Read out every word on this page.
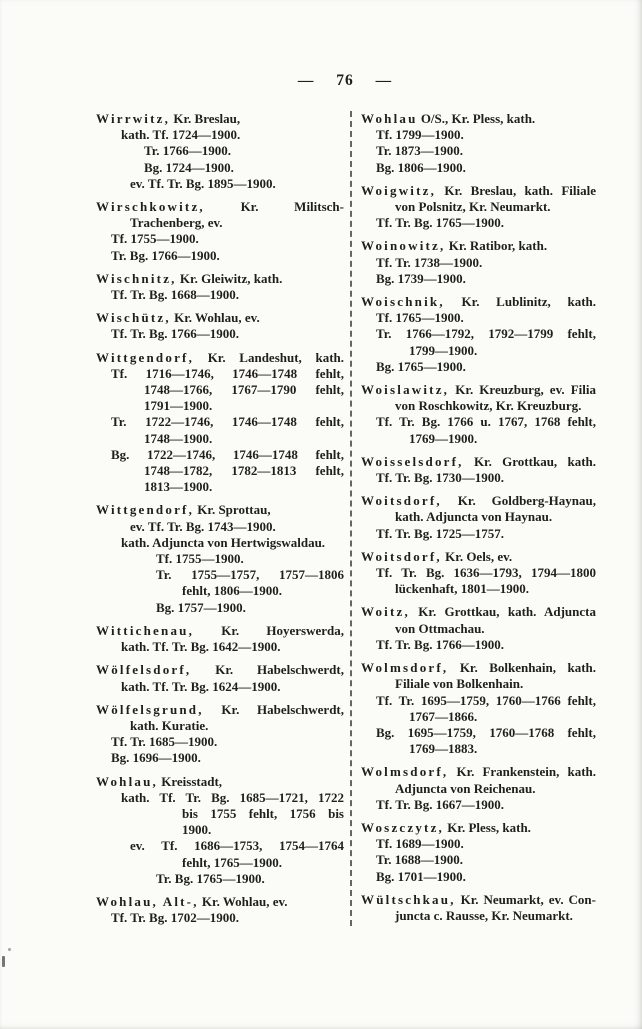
— 76 —
Wirrwitz, Kr. Breslau,
kath. Tf. 1724—1900.
Tr. 1766—1900.
Bg. 1724—1900.
ev. Tf. Tr. Bg. 1895—1900.
Wirschkowitz,	Kr. Militsch-
Trachenberg, ev.
Tf. 1755—1900.
Tr. Bg. 1766—1900.
Wischnitz, Kr. Gleiwitz, kath.
Tf. Tr. Bg. 1668—1900.
Wischütz, Kr. Wohlau, ev.
Tf. Tr. Bg. 1766—1900.
Wittgendorf, Kr. Landeshut, kath.
Tf. 1716—1746, 1746—1748 fehlt,
1748—1766, 1767—1790 fehlt,
1791—1900.
Tr. 1722—1746, 1746—1748 fehlt,
1748—1900.
Bg. 1722—1746, 1746—1748 fehlt,
1748—1782, 1782—1813 fehlt,
1813—1900.
Wittgendorf, Kr. Sprottau,
ev. Tf. Tr. Bg. 1743—1900.
kath. Adjuncta von Hertwigswaldau.
Tf. 1755—1900.
Tr. 1755—1757, 1757—1806
fehlt, 1806—1900.
Bg. 1757—1900.
Wittichenau, Kr. Hoyerswerda,
kath. Tf. Tr. Bg. 1642—1900.
Wölfelsdorf, Kr. Habelschwerdt,
kath. Tf. Tr. Bg. 1624—1900.
Wölfelsgrund, Kr. Habelschwerdt,
kath. Kuratie.
Tf. Tr. 1685—1900.
Bg. 1696—1900.
Wohlau, Kreisstadt,
kath. Tf. Tr. Bg. 1685—1721, 1722
bis 1755 fehlt, 1756 bis
1900.
ev. Tf. 1686—1753, 1754—1764
fehlt, 1765—1900.
Tr. Bg. 1765—1900.
Wohlau, Alt-, Kr. Wohlau, ev.
Tf. Tr. Bg. 1702—1900.
Wohlau O/S., Kr. Pless, kath.
Tf. 1799—1900.
Tr. 1873—1900.
Bg. 1806—1900.
Woigwitz, Kr. Breslau, kath. Filiale
von Polsnitz, Kr. Neumarkt.
Tf. Tr. Bg. 1765—1900.
Woinowitz, Kr. Ratibor, kath.
Tf. Tr. 1738—1900.
Bg. 1739—1900.
Woischnik, Kr. Lublinitz, kath.
Tf. 1765—1900.
Tr. 1766—1792, 1792—1799 fehlt,
1799—1900.
Bg. 1765—1900.
Woislawitz, Kr. Kreuzburg, ev. Filia
von Roschkowitz, Kr. Kreuzburg.
Tf. Tr. Bg. 1766 u. 1767, 1768 fehlt,
1769—1900.
Woisselsdorf, Kr. Grottkau, kath.
Tf. Tr. Bg. 1730—1900.
Woitsdorf, Kr. Goldberg-Haynau,
kath. Adjuncta von Haynau.
Tf. Tr. Bg. 1725—1757.
Woitsdorf, Kr. Oels, ev.
Tf. Tr. Bg. 1636—1793, 1794—1800
lückenhaft, 1801—1900.
Woitz, Kr. Grottkau, kath. Adjuncta
von Ottmachau.
Tf. Tr. Bg. 1766—1900.
Wolmsdorf, Kr. Bolkenhain, kath.
Filiale von Bolkenhain.
Tf. Tr. 1695—1759, 1760—1766 fehlt,
1767—1866.
Bg. 1695—1759, 1760—1768 fehlt,
1769—1883.
Wolmsdorf, Kr. Frankenstein, kath.
Adjuncta von Reichenau.
Tf. Tr. Bg. 1667—1900.
Woszczytz, Kr. Pless, kath.
Tf. 1689—1900.
Tr. 1688—1900.
Bg. 1701—1900.
Wültschkau, Kr. Neumarkt, ev. Con-
juncta c. Rausse, Kr. Neumarkt.
